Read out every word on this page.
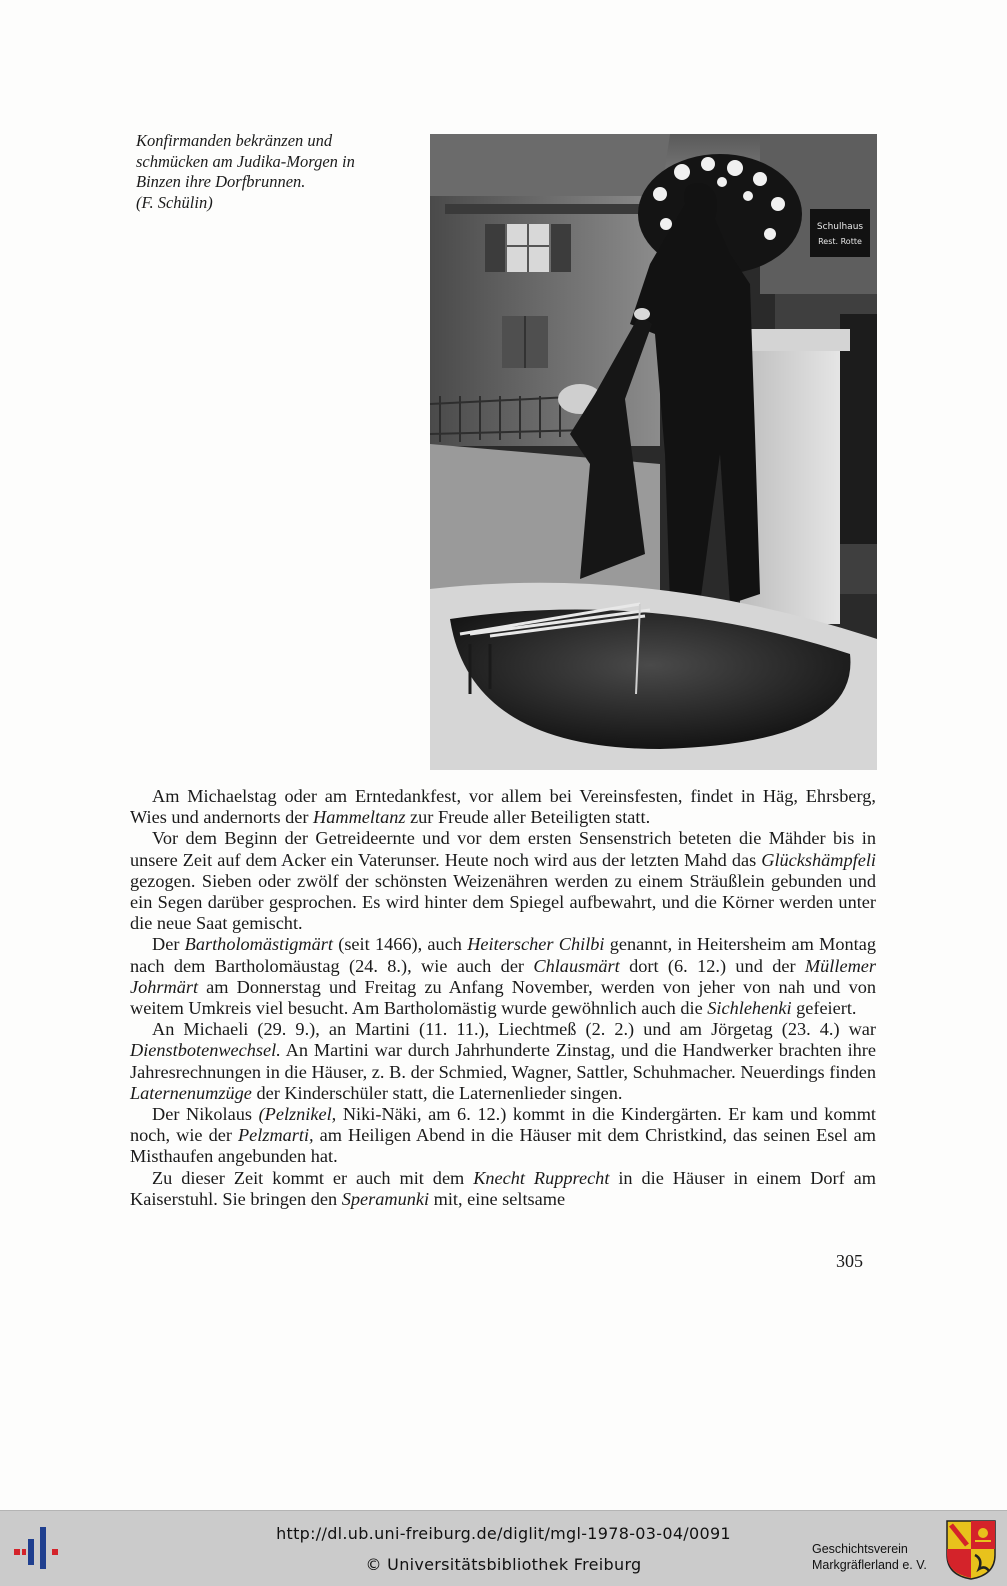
Konfirmanden bekränzen und
schmücken am Judika-Morgen in
Binzen ihre Dorfbrunnen.
(F. Schülin)
Schulhaus
Rest. Rotte

Am Michaelstag oder am Erntedankfest, vor allem bei Vereinsfesten, findet in Häg, Ehrsberg, Wies und andernorts der Hammeltanz zur Freude aller Beteiligten statt.

Vor dem Beginn der Getreideernte und vor dem ersten Sensenstrich beteten die Mähder bis in unsere Zeit auf dem Acker ein Vaterunser. Heute noch wird aus der letzten Mahd das Glückshämpfeli gezogen. Sieben oder zwölf der schönsten Weizenähren werden zu einem Sträußlein gebunden und ein Segen darüber gesprochen. Es wird hinter dem Spiegel aufbewahrt, und die Körner werden unter die neue Saat gemischt.

Der Bartholomästigmärt (seit 1466), auch Heiterscher Chilbi genannt, in Heitersheim am Montag nach dem Bartholomäustag (24. 8.), wie auch der Chlausmärt dort (6. 12.) und der Müllemer Johrmärt am Donnerstag und Freitag zu Anfang November, werden von jeher von nah und von weitem Umkreis viel besucht. Am Bartholomästig wurde gewöhnlich auch die Sichlehenki gefeiert.

An Michaeli (29. 9.), an Martini (11. 11.), Liechtmeß (2. 2.) und am Jörgetag (23. 4.) war Dienstbotenwechsel. An Martini war durch Jahrhunderte Zinstag, und die Handwerker brachten ihre Jahresrechnungen in die Häuser, z. B. der Schmied, Wagner, Sattler, Schuhmacher. Neuerdings finden Laternenumzüge der Kinderschüler statt, die Laternenlieder singen.

Der Nikolaus (Pelznikel, Niki-Näki, am 6. 12.) kommt in die Kindergärten. Er kam und kommt noch, wie der Pelzmarti, am Heiligen Abend in die Häuser mit dem Christkind, das seinen Esel am Misthaufen angebunden hat.

Zu dieser Zeit kommt er auch mit dem Knecht Rupprecht in die Häuser in einem Dorf am Kaiserstuhl. Sie bringen den Speramunki mit, eine seltsame

305
http://dl.ub.uni-freiburg.de/diglit/mgl-1978-03-04/0091
© Universitätsbibliothek Freiburg
Geschichtsverein
Markgräflerland e. V.
